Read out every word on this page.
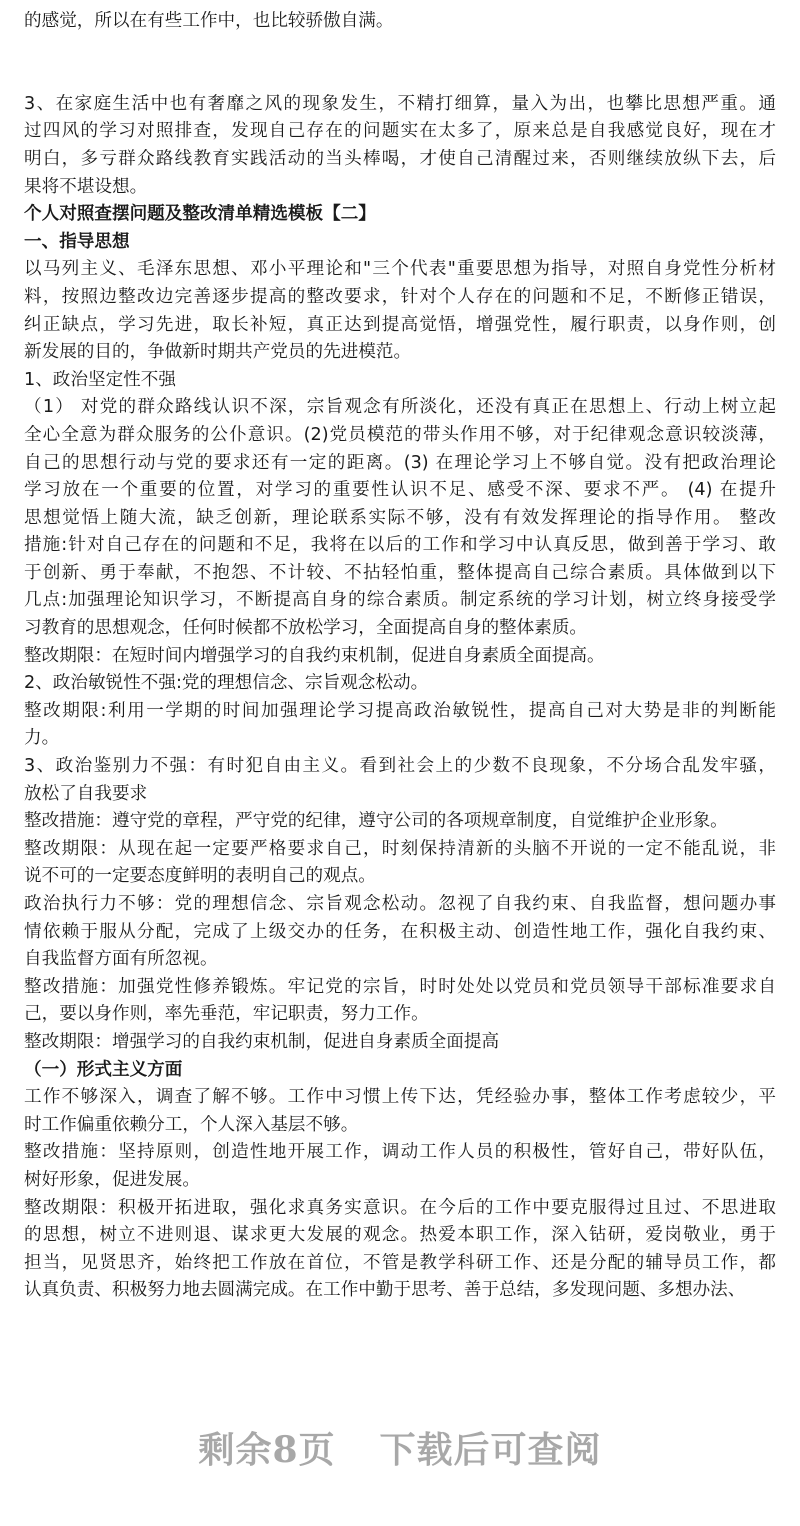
的感觉，所以在有些工作中，也比较骄傲自满。
3、在家庭生活中也有奢靡之风的现象发生，不精打细算，量入为出，也攀比思想严重。通
过四风的学习对照排查，发现自己存在的问题实在太多了，原来总是自我感觉良好，现在才
明白，多亏群众路线教育实践活动的当头棒喝，才使自己清醒过来，否则继续放纵下去，后
果将不堪设想。
个人对照查摆问题及整改清单精选模板【二】
一、指导思想
以马列主义、毛泽东思想、邓小平理论和"三个代表"重要思想为指导，对照自身党性分析材
料，按照边整改边完善逐步提高的整改要求，针对个人存在的问题和不足，不断修正错误，
纠正缺点，学习先进，取长补短，真正达到提高觉悟，增强党性，履行职责，以身作则，创
新发展的目的，争做新时期共产党员的先进模范。
1、政治坚定性不强
（1） 对党的群众路线认识不深，宗旨观念有所淡化，还没有真正在思想上、行动上树立起
全心全意为群众服务的公仆意识。(2)党员模范的带头作用不够，对于纪律观念意识较淡薄，
自己的思想行动与党的要求还有一定的距离。(3) 在理论学习上不够自觉。没有把政治理论
学习放在一个重要的位置，对学习的重要性认识不足、感受不深、要求不严。 (4) 在提升
思想觉悟上随大流，缺乏创新，理论联系实际不够，没有有效发挥理论的指导作用。 整改
措施:针对自己存在的问题和不足，我将在以后的工作和学习中认真反思，做到善于学习、敢
于创新、勇于奉献，不抱怨、不计较、不拈轻怕重，整体提高自己综合素质。具体做到以下
几点:加强理论知识学习，不断提高自身的综合素质。制定系统的学习计划，树立终身接受学
习教育的思想观念，任何时候都不放松学习，全面提高自身的整体素质。
整改期限：在短时间内增强学习的自我约束机制，促进自身素质全面提高。
2、政治敏锐性不强:党的理想信念、宗旨观念松动。
整改期限:利用一学期的时间加强理论学习提高政治敏锐性，提高自己对大势是非的判断能
力。
3、政治鉴别力不强：有时犯自由主义。看到社会上的少数不良现象，不分场合乱发牢骚，
放松了自我要求
整改措施：遵守党的章程，严守党的纪律，遵守公司的各项规章制度，自觉维护企业形象。
整改期限：从现在起一定要严格要求自己，时刻保持清新的头脑不开说的一定不能乱说，非
说不可的一定要态度鲜明的表明自己的观点。
政治执行力不够：党的理想信念、宗旨观念松动。忽视了自我约束、自我监督，想问题办事
情依赖于服从分配，完成了上级交办的任务，在积极主动、创造性地工作，强化自我约束、
自我监督方面有所忽视。
整改措施：加强党性修养锻炼。牢记党的宗旨，时时处处以党员和党员领导干部标准要求自
己，要以身作则，率先垂范，牢记职责，努力工作。
整改期限：增强学习的自我约束机制，促进自身素质全面提高
（一）形式主义方面
工作不够深入，调查了解不够。工作中习惯上传下达，凭经验办事，整体工作考虑较少，平
时工作偏重依赖分工，个人深入基层不够。
整改措施：坚持原则，创造性地开展工作，调动工作人员的积极性，管好自己，带好队伍，
树好形象，促进发展。
整改期限：积极开拓进取，强化求真务实意识。在今后的工作中要克服得过且过、不思进取
的思想，树立不进则退、谋求更大发展的观念。热爱本职工作，深入钻研，爱岗敬业，勇于
担当，见贤思齐，始终把工作放在首位，不管是教学科研工作、还是分配的辅导员工作，都
认真负责、积极努力地去圆满完成。在工作中勤于思考、善于总结，多发现问题、多想办法、
剩余8页 下载后可查阅
